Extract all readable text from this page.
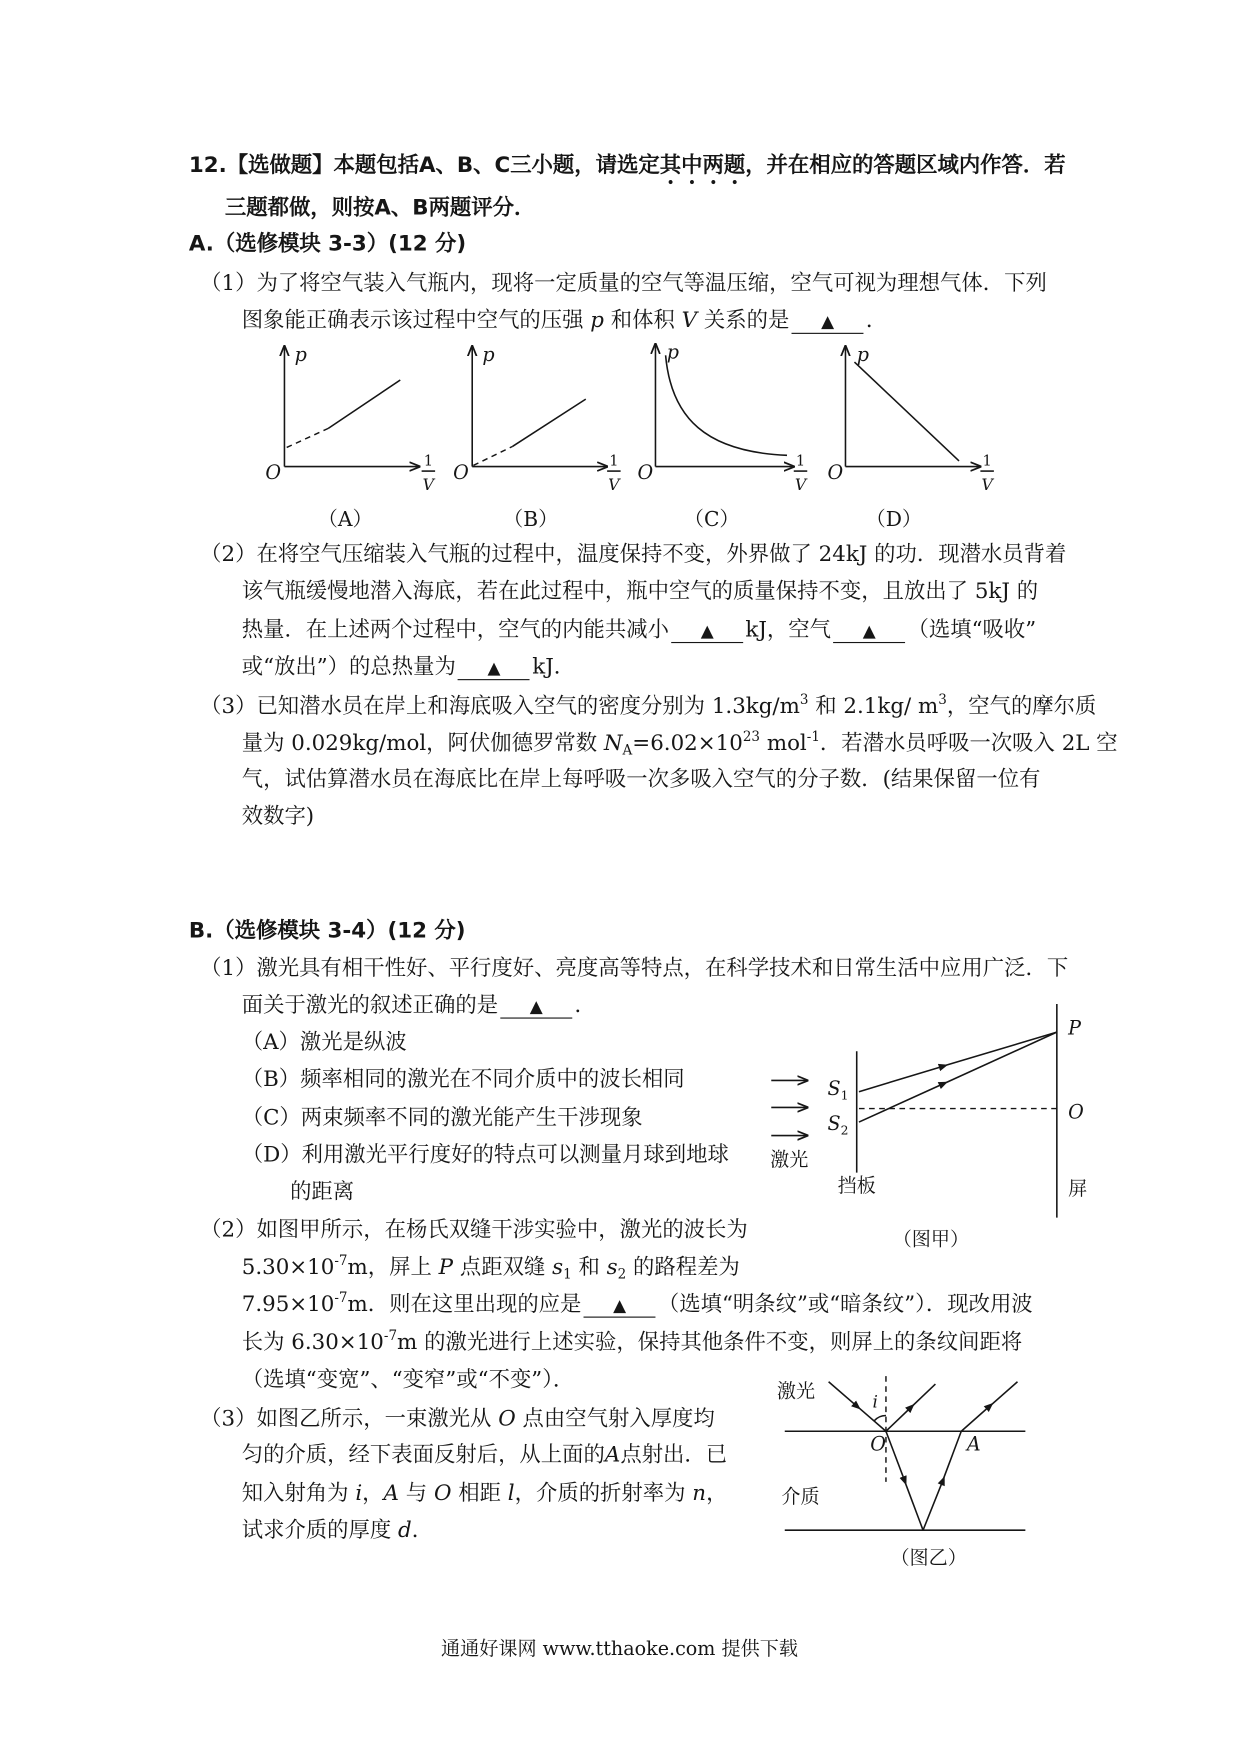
12.【选做题】本题包括A、B、C三小题，请选定其中两题，并在相应的答题区域内作答．若
三题都做，则按A、B两题评分．
A.（选修模块 3-3）(12 分)
（1）为了将空气装入气瓶内，现将一定质量的空气等温压缩，空气可视为理想气体．下列
图象能正确表示该过程中空气的压强 p 和体积 V 关系的是 ▲ ．
（2）在将空气压缩装入气瓶的过程中，温度保持不变，外界做了 24kJ 的功．现潜水员背着
该气瓶缓慢地潜入海底，若在此过程中，瓶中空气的质量保持不变，且放出了 5kJ 的
热量．在上述两个过程中，空气的内能共减小 ▲ kJ，空气 ▲ （选填“吸收”
或“放出”）的总热量为 ▲ kJ．
（3）已知潜水员在岸上和海底吸入空气的密度分别为 $1.3kg/m^3$ 和 2.1kg/ $m^3$，空气的摩尔质
量为 0.029kg/mol，阿伏伽德罗常数 $N_A=6.02\times 10^{23}$ mol$^{-1}$．若潜水员呼吸一次吸入 2L 空
气，试估算潜水员在海底比在岸上每呼吸一次多吸入空气的分子数．(结果保留一位有
效数字)
B.（选修模块 3-4）(12 分)
（1）激光具有相干性好、平行度好、亮度高等特点，在科学技术和日常生活中应用广泛．下
面关于激光的叙述正确的是 ▲ ．
（A）激光是纵波
（B）频率相同的激光在不同介质中的波长相同
（C）两束频率不同的激光能产生干涉现象
（D）利用激光平行度好的特点可以测量月球到地球
的距离
（2）如图甲所示，在杨氏双缝干涉实验中，激光的波长为
$5.30\times 10^{-7}m$，屏上 P 点距双缝 $s_1$ 和 $s_2$ 的路程差为
$7.95\times 10^{-7}m$．则在这里出现的应是 ▲ （选填“明条纹”或“暗条纹”）．现改用波
长为 $6.30\times 10^{-7}m$ 的激光进行上述实验，保持其他条件不变，则屏上的条纹间距将
（选填“变宽”、“变窄”或“不变”）．
（3）如图乙所示，一束激光从 O 点由空气射入厚度均
匀的介质，经下表面反射后，从上面的A点射出．已
知入射角为 i，A 与 O 相距 l，介质的折射率为 n，
试求介质的厚度 d．
通通好课网 www.tthaoke.com 提供下载
p
O	1
V
（A）
p
O	1
V
（B）
p
O	1
V
（C）
p
O	1
V
（D）
激光
$S_1$
$S_2$
挡板
P
O
屏
（图甲）
激光	i
O	A
介质
（图乙）
